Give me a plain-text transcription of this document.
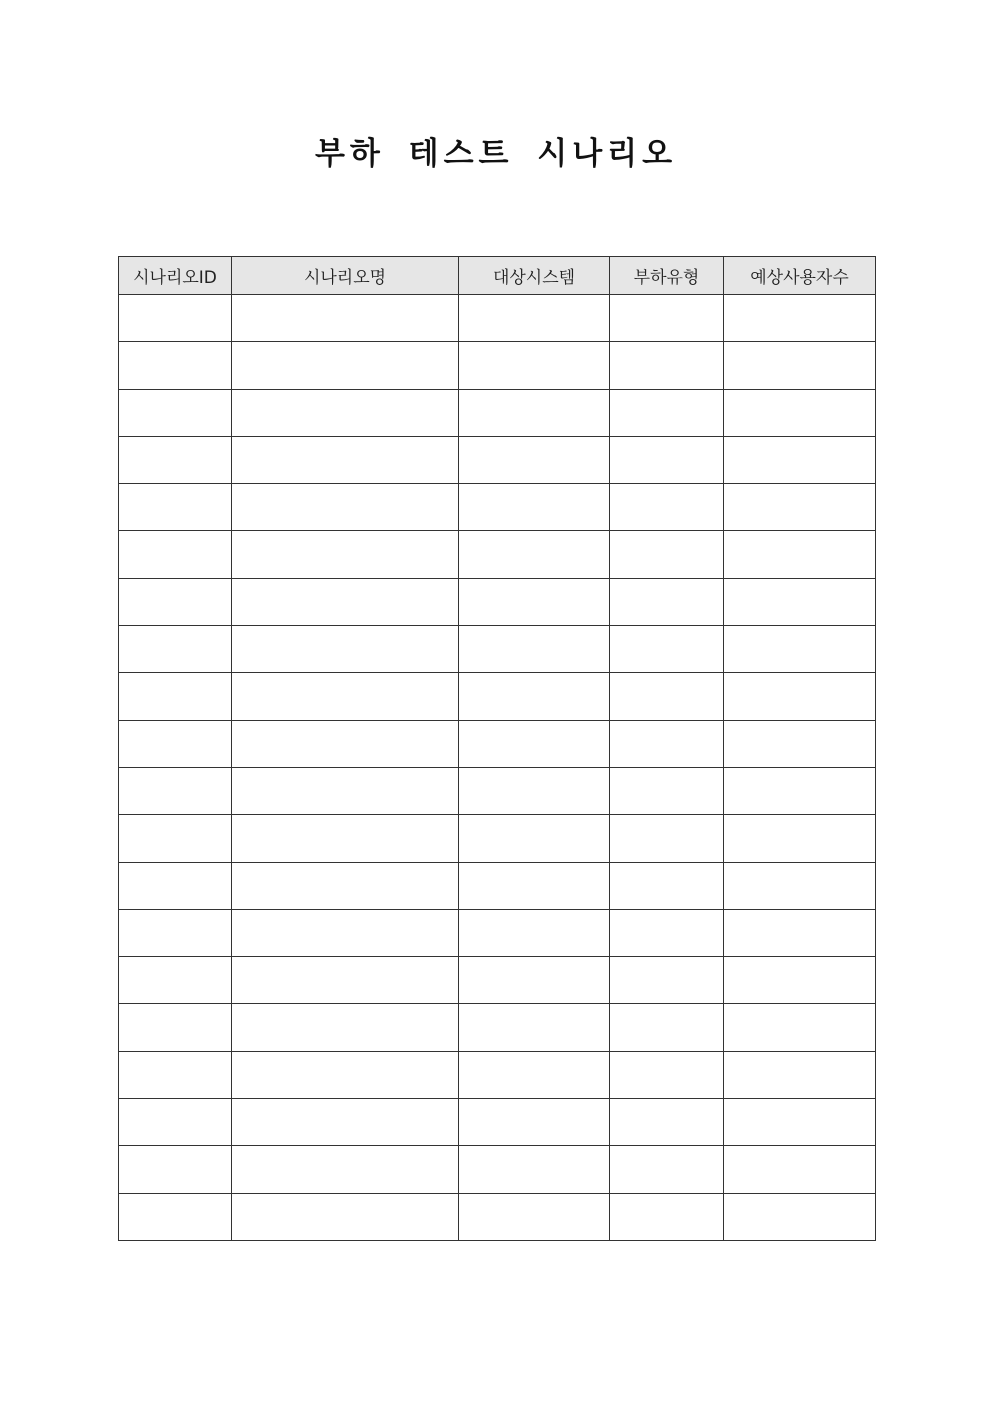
부하 테스트 시나리오
시나리오ID	시나리오명	대상시스템	부하유형	예상사용자수
